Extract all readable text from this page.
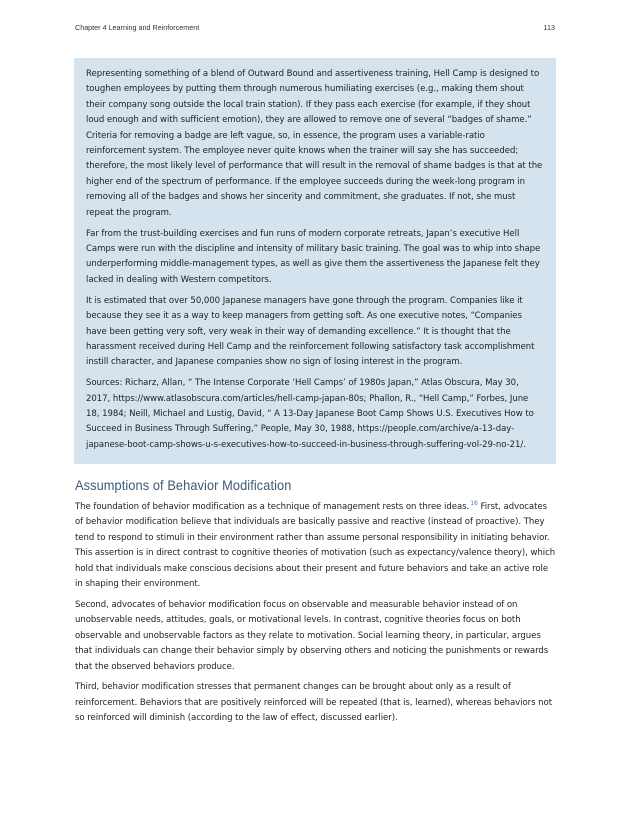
Chapter 4 Learning and Reinforcement	113

Representing something of a blend of Outward Bound and assertiveness training, Hell Camp is designed to toughen employees by putting them through numerous humiliating exercises (e.g., making them shout their company song outside the local train station). If they pass each exercise (for example, if they shout loud enough and with sufficient emotion), they are allowed to remove one of several “badges of shame.” Criteria for removing a badge are left vague, so, in essence, the program uses a variable-ratio reinforcement system. The employee never quite knows when the trainer will say she has succeeded; therefore, the most likely level of performance that will result in the removal of shame badges is that at the higher end of the spectrum of performance. If the employee succeeds during the week-long program in removing all of the badges and shows her sincerity and commitment, she graduates. If not, she must repeat the program.

Far from the trust-building exercises and fun runs of modern corporate retreats, Japan’s executive Hell Camps were run with the discipline and intensity of military basic training. The goal was to whip into shape underperforming middle-management types, as well as give them the assertiveness the Japanese felt they lacked in dealing with Western competitors.

It is estimated that over 50,000 Japanese managers have gone through the program. Companies like it because they see it as a way to keep managers from getting soft. As one executive notes, “Companies have been getting very soft, very weak in their way of demanding excellence.” It is thought that the harassment received during Hell Camp and the reinforcement following satisfactory task accomplishment instill character, and Japanese companies show no sign of losing interest in the program.

Sources: Richarz, Allan, “ The Intense Corporate ‘Hell Camps’ of 1980s Japan,” Atlas Obscura, May 30, 2017, https://www.atlasobscura.com/articles/hell-camp-japan-80s; Phallon, R., “Hell Camp,” Forbes, June 18, 1984; Neill, Michael and Lustig, David, “ A 13-Day Japanese Boot Camp Shows U.S. Executives How to Succeed in Business Through Suffering,” People, May 30, 1988, https://people.com/archive/a-13-day-japanese-boot-camp-shows-u-s-executives-how-to-succeed-in-business-through-suffering-vol-29-no-21/.

Assumptions of Behavior Modification

The foundation of behavior modification as a technique of management rests on three ideas.$^{16}$ First, advocates of behavior modification believe that individuals are basically passive and reactive (instead of proactive). They tend to respond to stimuli in their environment rather than assume personal responsibility in initiating behavior. This assertion is in direct contrast to cognitive theories of motivation (such as expectancy/valence theory), which hold that individuals make conscious decisions about their present and future behaviors and take an active role in shaping their environment.

Second, advocates of behavior modification focus on observable and measurable behavior instead of on unobservable needs, attitudes, goals, or motivational levels. In contrast, cognitive theories focus on both observable and unobservable factors as they relate to motivation. Social learning theory, in particular, argues that individuals can change their behavior simply by observing others and noticing the punishments or rewards that the observed behaviors produce.

Third, behavior modification stresses that permanent changes can be brought about only as a result of reinforcement. Behaviors that are positively reinforced will be repeated (that is, learned), whereas behaviors not so reinforced will diminish (according to the law of effect, discussed earlier).
